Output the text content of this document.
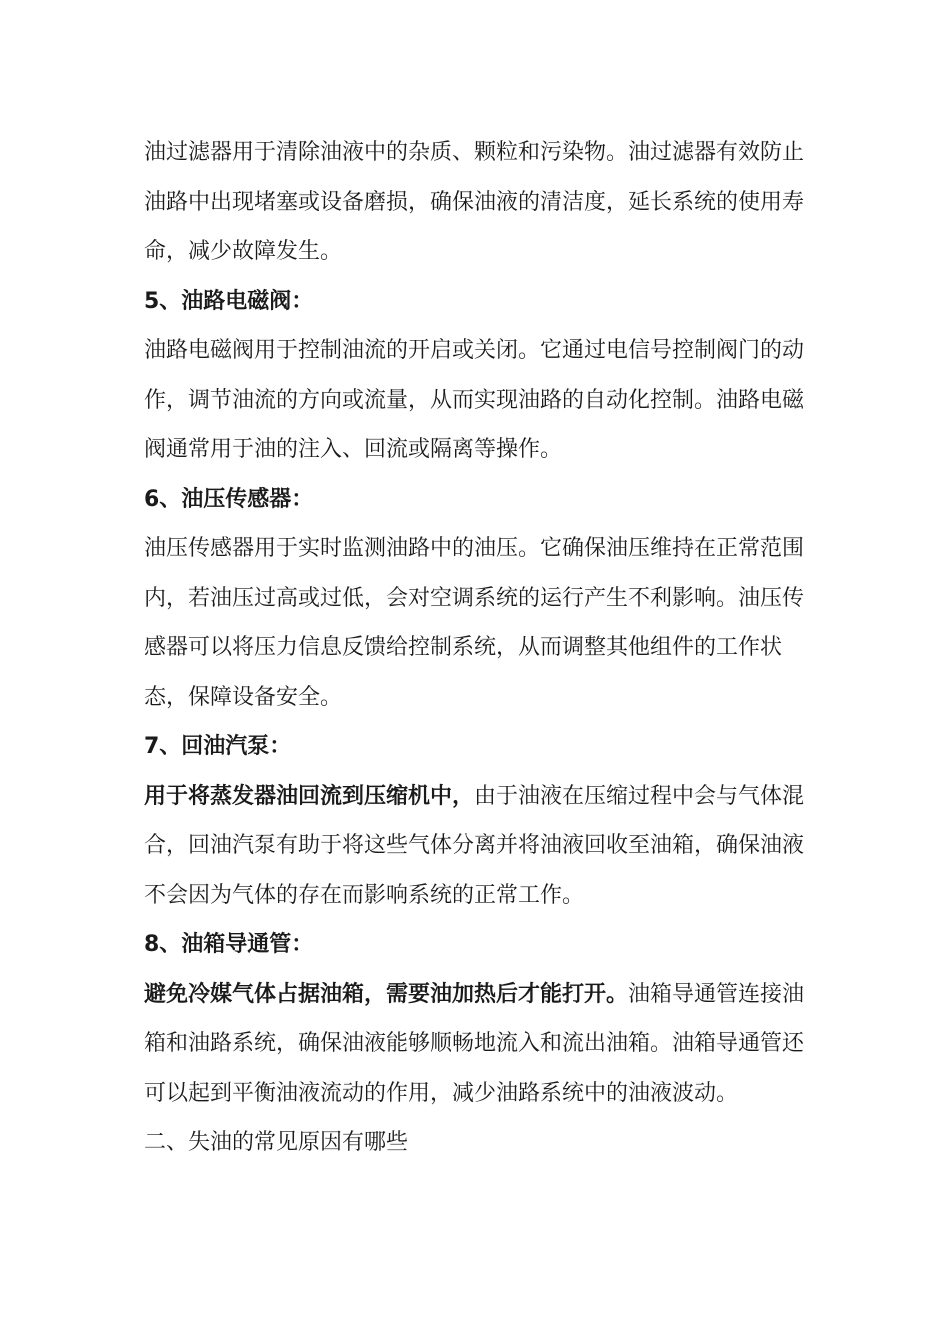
油过滤器用于清除油液中的杂质、颗粒和污染物。油过滤器有效防止油路中出现堵塞或设备磨损，确保油液的清洁度，延长系统的使用寿命，减少故障发生。

5、油路电磁阀：

油路电磁阀用于控制油流的开启或关闭。它通过电信号控制阀门的动作，调节油流的方向或流量，从而实现油路的自动化控制。油路电磁阀通常用于油的注入、回流或隔离等操作。

6、油压传感器：

油压传感器用于实时监测油路中的油压。它确保油压维持在正常范围内，若油压过高或过低，会对空调系统的运行产生不利影响。油压传感器可以将压力信息反馈给控制系统，从而调整其他组件的工作状态，保障设备安全。

7、回油汽泵：

用于将蒸发器油回流到压缩机中，由于油液在压缩过程中会与气体混合，回油汽泵有助于将这些气体分离并将油液回收至油箱，确保油液不会因为气体的存在而影响系统的正常工作。

8、油箱导通管：

避免冷媒气体占据油箱，需要油加热后才能打开。油箱导通管连接油箱和油路系统，确保油液能够顺畅地流入和流出油箱。油箱导通管还可以起到平衡油液流动的作用，减少油路系统中的油液波动。

二、失油的常见原因有哪些
